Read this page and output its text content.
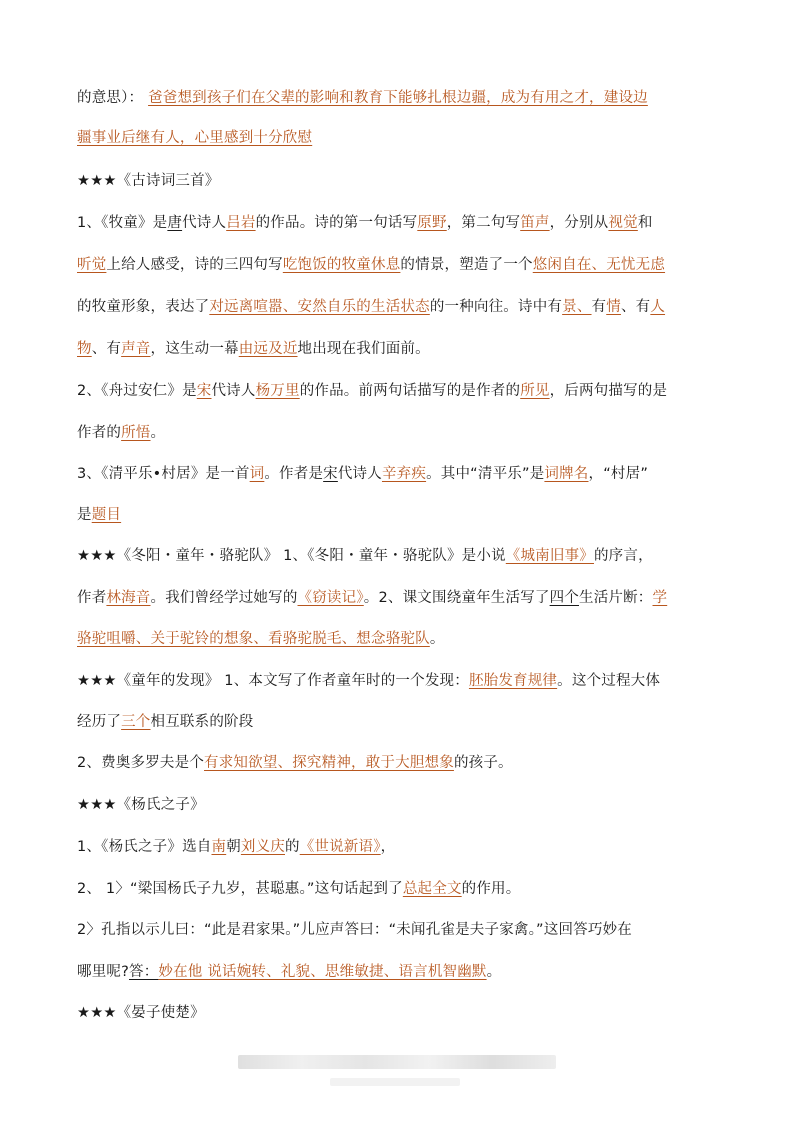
的意思）： 爸爸想到孩子们在父辈的影响和教育下能够扎根边疆，成为有用之才，建设边
疆事业后继有人，心里感到十分欣慰
★★★《古诗词三首》
1、《牧童》是唐代诗人吕岩的作品。诗的第一句话写原野，第二句写笛声，分别从视觉和
听觉上给人感受，诗的三四句写吃饱饭的牧童休息的情景，塑造了一个悠闲自在、无忧无虑
的牧童形象，表达了对远离喧嚣、安然自乐的生活状态的一种向往。诗中有景、有情、有人
物、有声音，这生动一幕由远及近地出现在我们面前。
2、《舟过安仁》是宋代诗人杨万里的作品。前两句话描写的是作者的所见，后两句描写的是
作者的所悟。
3、《清平乐•村居》是一首词。作者是宋代诗人辛弃疾。其中“清平乐”是词牌名，“村居”
是题目
★★★《冬阳・童年・骆驼队》 1、《冬阳・童年・骆驼队》是小说《城南旧事》的序言，
作者林海音。我们曾经学过她写的《窃读记》。2、课文围绕童年生活写了四个生活片断：学
骆驼咀嚼、关于驼铃的想象、看骆驼脱毛、想念骆驼队。
★★★《童年的发现》 1、本文写了作者童年时的一个发现：胚胎发育规律。这个过程大体
经历了三个相互联系的阶段
2、费奥多罗夫是个有求知欲望、探究精神，敢于大胆想象的孩子。
★★★《杨氏之子》
1、《杨氏之子》选自南朝刘义庆的《世说新语》，
2、 1〉“梁国杨氏子九岁，甚聪惠。”这句话起到了总起全文的作用。
2〉孔指以示儿曰：“此是君家果。”儿应声答曰：“未闻孔雀是夫子家禽。”这回答巧妙在
哪里呢?答：妙在他 说话婉转、礼貌、思维敏捷、语言机智幽默。
★★★《晏子使楚》
